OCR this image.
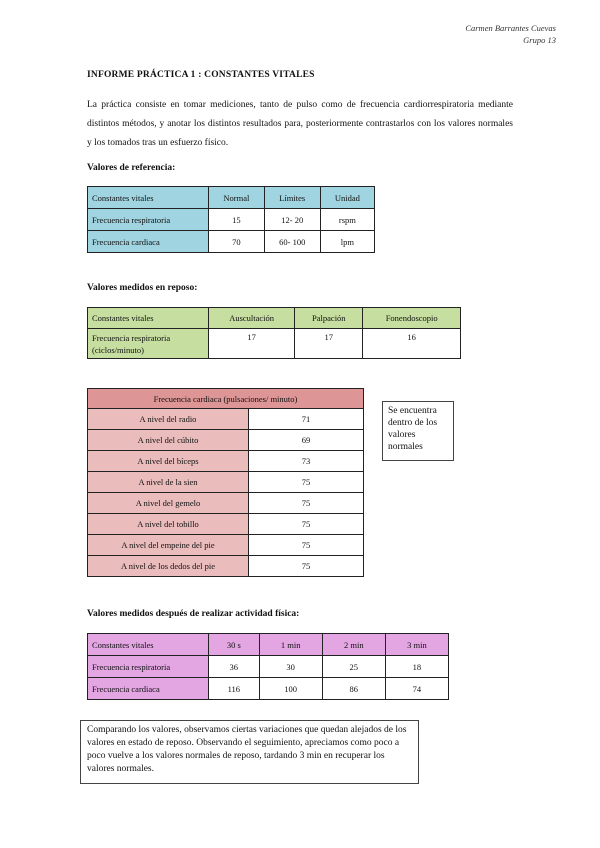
Carmen Barrantes Cuevas
Grupo 13
INFORME PRÁCTICA 1 : CONSTANTES VITALES

La práctica consiste en tomar mediciones, tanto de pulso como de frecuencia cardiorrespiratoria mediante distintos métodos, y anotar los distintos resultados para, posteriormente contrastarlos con los valores normales y los tomados tras un esfuerzo físico.

Valores de referencia:
Constantes vitales	Normal	Límites	Unidad
Frecuencia respiratoria	15	12- 20	rspm
Frecuencia cardiaca	70	60- 100	lpm
Valores medidos en reposo:
Constantes vitales	Auscultación	Palpación	Fonendoscopio

Frecuencia respiratoria
(ciclos/minuto)	17	17	16
Frecuencia cardiaca (pulsaciones/ minuto)	
A nivel del radio	71
A nivel del cúbito	69
A nivel del bíceps	73
A nivel de la sien	75
A nivel del gemelo	75
A nivel del tobillo	75
A nivel del empeine del pie	75
A nivel de los dedos del pie	75
Se encuentra dentro de los valores normales
Valores medidos después de realizar actividad física:
Constantes vitales	30 s	1 min	2 min	3 min
Frecuencia respiratoria	36	30	25	18
Frecuencia cardiaca	116	100	86	74
Comparando los valores, observamos ciertas variaciones que quedan alejados de los valores en estado de reposo. Observando el seguimiento, apreciamos como poco a poco vuelve a los valores normales de reposo, tardando 3 min en recuperar los valores normales.
